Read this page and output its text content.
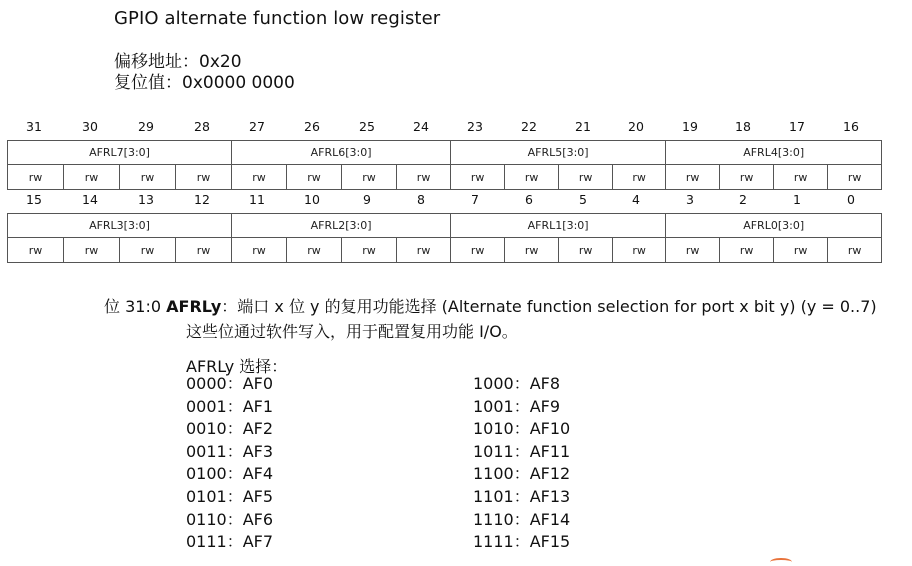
GPIO alternate function low register
偏移地址：0x20
复位值：0x0000 0000
31	30	29	28	27	26	25	24	23	22	21	20	19	18	17	16
AFRL7[3:0]				AFRL6[3:0]				AFRL5[3:0]				AFRL4[3:0]			
rw	rw	rw	rw	rw	rw	rw	rw	rw	rw	rw	rw	rw	rw	rw	rw
15	14	13	12	11	10	9	8	7	6	5	4	3	2	1	0
AFRL3[3:0]				AFRL2[3:0]				AFRL1[3:0]				AFRL0[3:0]			
rw	rw	rw	rw	rw	rw	rw	rw	rw	rw	rw	rw	rw	rw	rw	rw
位 31:0 AFRLy：端口 x 位 y 的复用功能选择 (Alternate function selection for port x bit y) (y = 0..7)
这些位通过软件写入，用于配置复用功能 I/O。
AFRLy 选择：
0000：AF0
0001：AF1
0010：AF2
0011：AF3
0100：AF4
0101：AF5
0110：AF6
0111：AF7
1000：AF8
1001：AF9
1010：AF10
1011：AF11
1100：AF12
1101：AF13
1110：AF14
1111：AF15
